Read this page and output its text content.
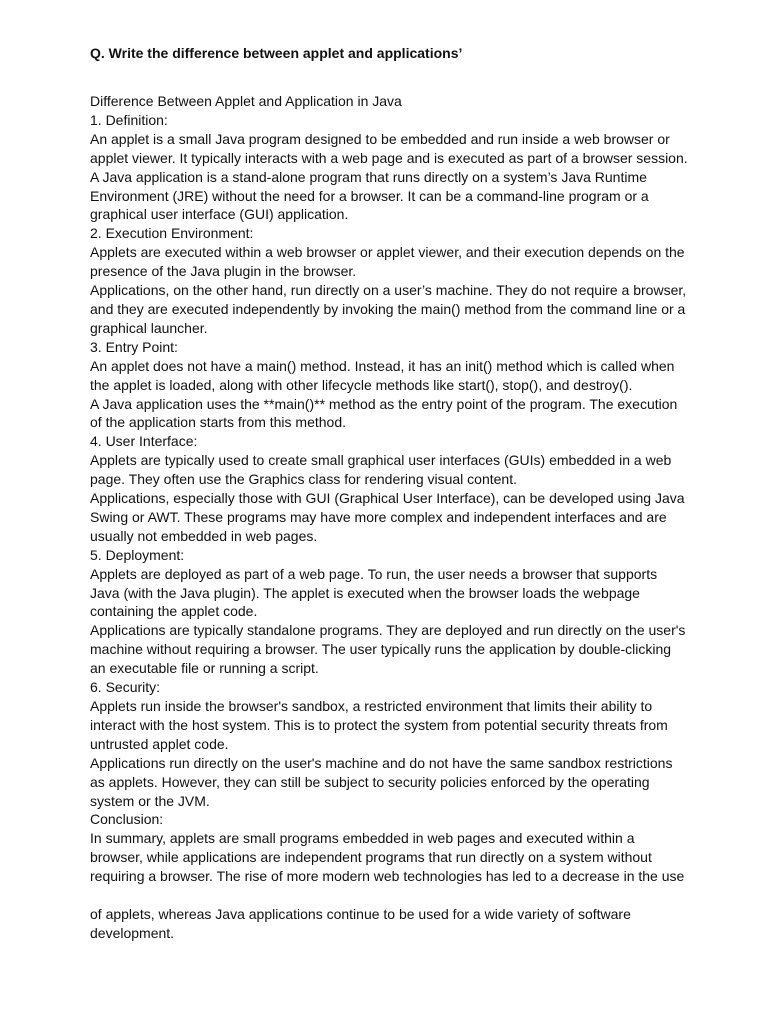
Q. Write the difference between applet and applications’

Difference Between Applet and Application in Java
1. Definition:
An applet is a small Java program designed to be embedded and run inside a web browser or applet viewer. It typically interacts with a web page and is executed as part of a browser session.
A Java application is a stand-alone program that runs directly on a system’s Java Runtime Environment (JRE) without the need for a browser. It can be a command-line program or a graphical user interface (GUI) application.
2. Execution Environment:
Applets are executed within a web browser or applet viewer, and their execution depends on the presence of the Java plugin in the browser.
Applications, on the other hand, run directly on a user’s machine. They do not require a browser, and they are executed independently by invoking the main() method from the command line or a graphical launcher.
3. Entry Point:
An applet does not have a main() method. Instead, it has an init() method which is called when the applet is loaded, along with other lifecycle methods like start(), stop(), and destroy().
A Java application uses the **main()** method as the entry point of the program. The execution of the application starts from this method.
4. User Interface:
Applets are typically used to create small graphical user interfaces (GUIs) embedded in a web page. They often use the Graphics class for rendering visual content.
Applications, especially those with GUI (Graphical User Interface), can be developed using Java Swing or AWT. These programs may have more complex and independent interfaces and are usually not embedded in web pages.
5. Deployment:
Applets are deployed as part of a web page. To run, the user needs a browser that supports Java (with the Java plugin). The applet is executed when the browser loads the webpage containing the applet code.
Applications are typically standalone programs. They are deployed and run directly on the user's machine without requiring a browser. The user typically runs the application by double-clicking an executable file or running a script.
6. Security:
Applets run inside the browser's sandbox, a restricted environment that limits their ability to interact with the host system. This is to protect the system from potential security threats from untrusted applet code.
Applications run directly on the user's machine and do not have the same sandbox restrictions as applets. However, they can still be subject to security policies enforced by the operating system or the JVM.
Conclusion:
In summary, applets are small programs embedded in web pages and executed within a browser, while applications are independent programs that run directly on a system without requiring a browser. The rise of more modern web technologies has led to a decrease in the use
of applets, whereas Java applications continue to be used for a wide variety of software development.
